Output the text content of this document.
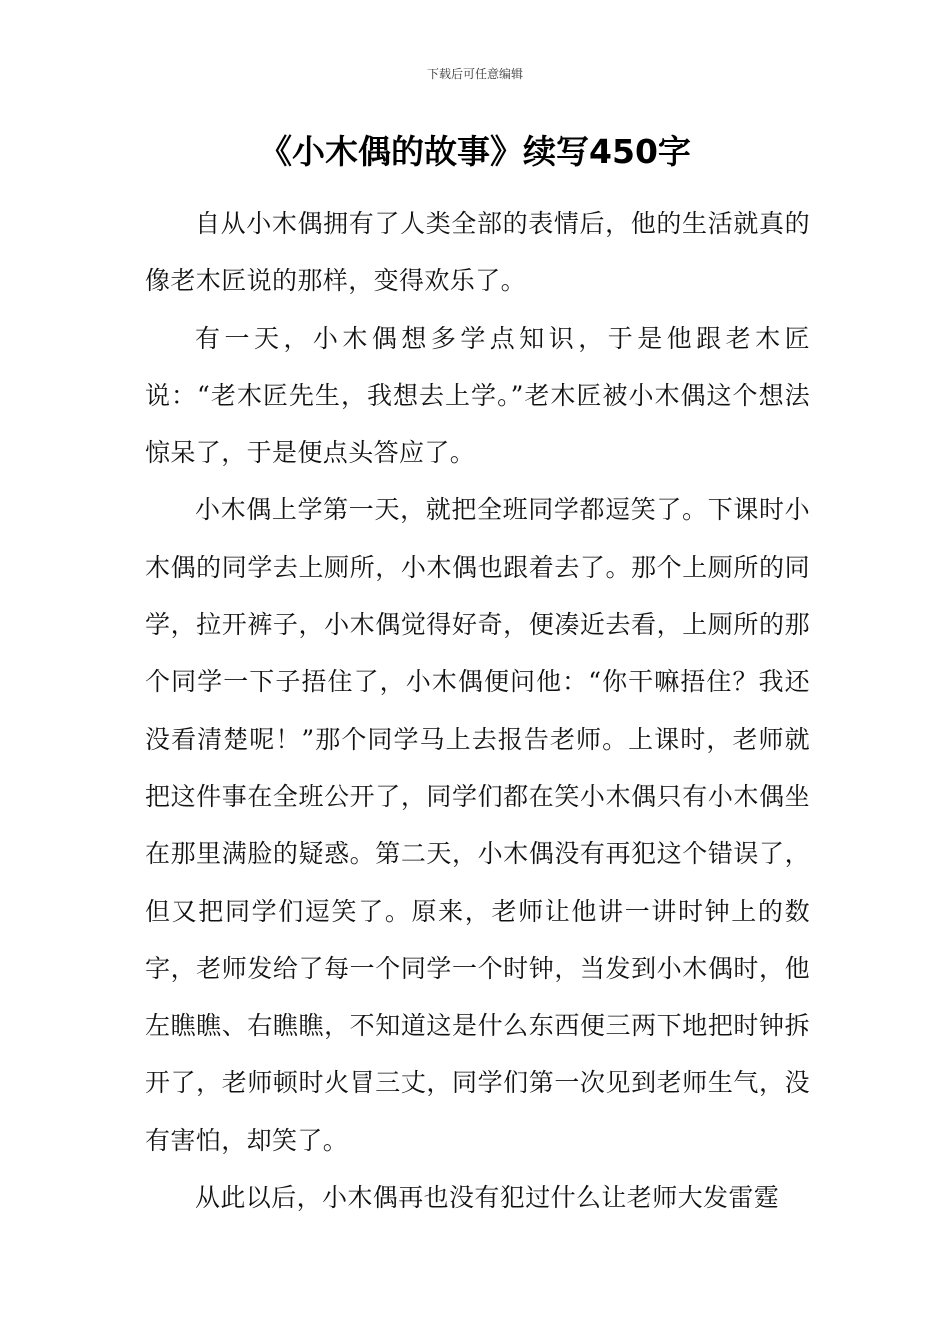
下载后可任意编辑
《小木偶的故事》续写450字

自从小木偶拥有了人类全部的表情后，他的生活就真的像老木匠说的那样，变得欢乐了。

有一天，小木偶想多学点知识，于是他跟老木匠说：“老木匠先生，我想去上学。”老木匠被小木偶这个想法惊呆了，于是便点头答应了。

小木偶上学第一天，就把全班同学都逗笑了。下课时小木偶的同学去上厕所，小木偶也跟着去了。那个上厕所的同学，拉开裤子，小木偶觉得好奇，便凑近去看，上厕所的那个同学一下子捂住了，小木偶便问他：“你干嘛捂住？我还没看清楚呢！”那个同学马上去报告老师。上课时，老师就把这件事在全班公开了，同学们都在笑小木偶只有小木偶坐在那里满脸的疑惑。第二天，小木偶没有再犯这个错误了，但又把同学们逗笑了。原来，老师让他讲一讲时钟上的数字，老师发给了每一个同学一个时钟，当发到小木偶时，他左瞧瞧、右瞧瞧，不知道这是什么东西便三两下地把时钟拆开了，老师顿时火冒三丈，同学们第一次见到老师生气，没有害怕，却笑了。

从此以后，小木偶再也没有犯过什么让老师大发雷霆
